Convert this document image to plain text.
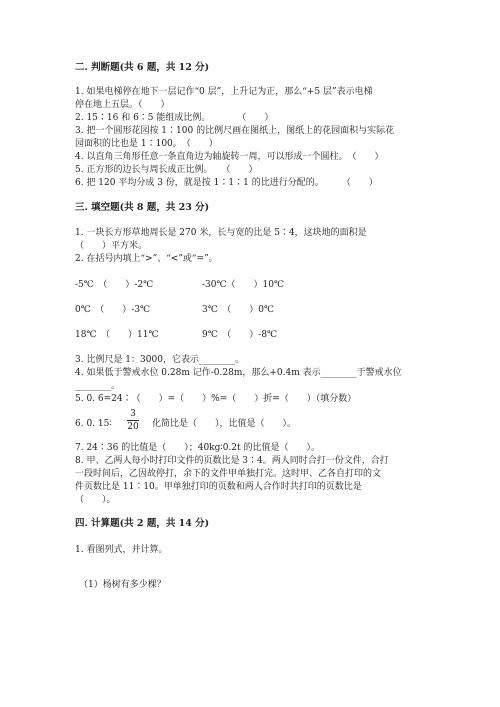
二. 判断题(共 6 题，共 12 分)
1. 如果电梯停在地下一层记作“0 层”，上升记为正，那么“+5 层”表示电梯
停在地上五层。（　　）
2. 15∶16 和 6∶5 能组成比例。　　　　（　　）
3. 把一个圆形花园按 1∶100 的比例尺画在图纸上，图纸上的花园面积与实际花
园面积的比也是 1∶100。　（　　）
4. 以直角三角形任意一条直角边为轴旋转一周，可以形成一个圆柱。　（　　）
5. 正方形的边长与周长成正比例。　　（　　）
6. 把 120 平均分成 3 份，就是按 1∶1∶1 的比进行分配的。　　　（　　）
三. 填空题(共 8 题，共 23 分)
1. 一块长方形草地周长是 270 米，长与宽的比是 5∶4，这块地的面积是
（　　）平方米。
2. 在括号内填上“>”、“<”或“=”。
-5℃　（　　）-2℃	-30℃（　　）10℃
0℃　（　　）-3℃	3℃　（　　）0℃
18℃　（　　）11℃	9℃　（　　）-8℃
3. 比例尺是 1：3000，它表示________。
4. 如果低于警戒水位 0.28m 记作-0.28m，那么+0.4m 表示________于警戒水位
________。
5. 0. 6=24∶（　　）=（　　）%=（　　）折=（　　）（填分数）
6. 0. 15∶
3
20 化简比是（　　），比值是（　　）。
7. 24∶36 的比值是（　　）；40kg∶0.2t 的比值是（　　）。
8. 甲、乙两人每小时打印文件的页数比是 3∶4。两人同时合打一份文件，合打
一段时间后，乙因故停打，余下的文件甲单独打完。这时甲、乙各自打印的文
件页数比是 11∶10。甲单独打印的页数和两人合作时共打印的页数比是
（　　）。
四. 计算题(共 2 题，共 14 分)
1. 看图列式，并计算。
（1）杨树有多少棵？
